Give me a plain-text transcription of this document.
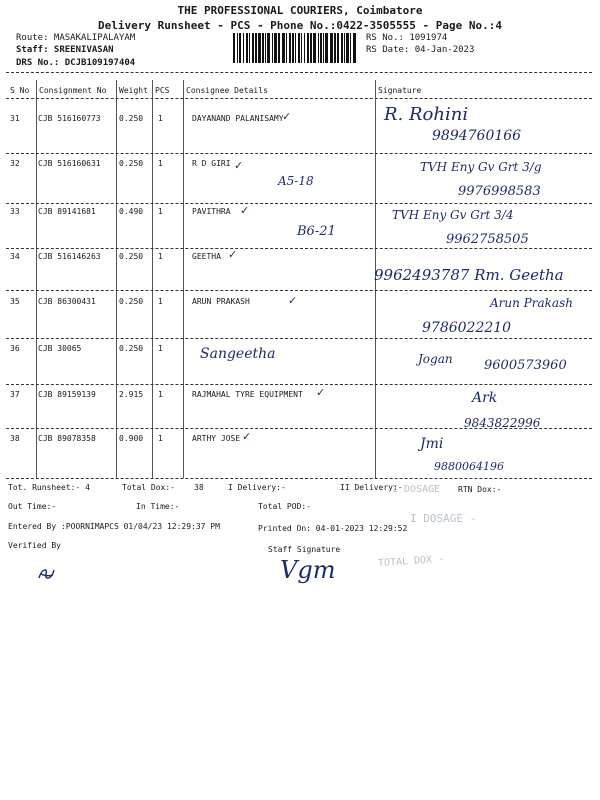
THE PROFESSIONAL COURIERS, Coimbatore
Delivery Runsheet - PCS - Phone No.:0422-3505555 - Page No.:4
Route: MASAKALIPALAYAM
Staff: SREENIVASAN
DRS No.: DCJB109197404
RS No.: 1091974
RS Date: 04-Jan-2023
S No Consignment No Weight PCS Consignee Details	Signature
31 CJB 516160773 0.250 1	DAYANAND PALANISAMY
✓	R. Rohini
9894760166
32 CJB 516160631 0.250 1	R D GIRI ✓
A5-18
TVH Eny Gv Grt 3/g
9976998583
33 CJB 89141681	0.490 1	PAVITHRA ✓
B6-21
TVH Eny Gv Grt 3/4
9962758505
34 CJB 516146263 0.250 1	GEETHA ✓
9962493787 Rm. Geetha
35 CJB 86300431	0.250 1	ARUN PRAKASH	✓	Arun Prakash
9786022210
36 CJB 30065	0.250 1	Sangeetha	Jogan 9600573960
37 CJB 89159139	2.915 1	RAJMAHAL TYRE EQUIPMENT ✓	Ark
9843822996
38 CJB 89078358	0.900 1	ARTHY JOSE ✓	Jmi
9880064196
I DOSAGE
I DOSAGE -
TOTAL DOX -
Tot. Runsheet:- 4	Total Dox:- 38	I Delivery:-	II Delivery:-	RTN Dox:-
Out Time:-	In Time:-	Total POD:-
Entered By :POORNIMAPCS 01/04/23 12:29:37 PM	Printed On: 04-01-2023 12:29:52
Verified By	Staff Signature
Vgm
